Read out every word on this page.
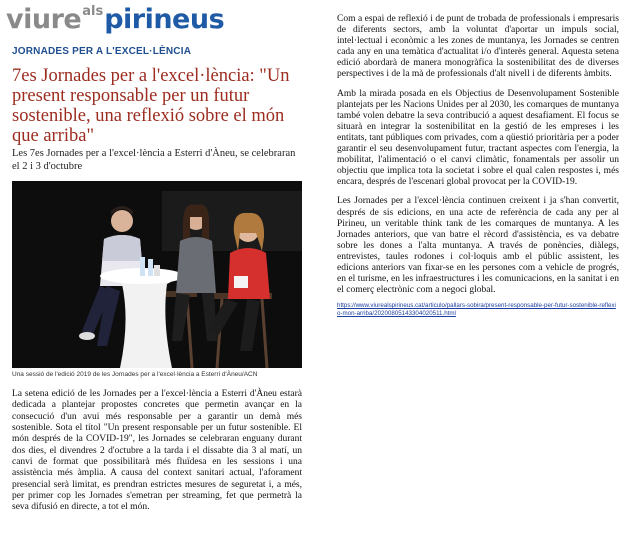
viure$^{als}$pirineus
JORNADES PER A L'EXCEL·LÈNCIA
7es Jornades per a l'excel·lència: "Un present responsable per un futur sostenible, una reflexió sobre el món que arriba"
Les 7es Jornades per a l'excel·lència a Esterri d'Àneu, se celebraran el 2 i 3 d'octubre
Una sessió de l'edició 2019 de les Jornades per a l'excel·lència a Esterri d'Àneu/ACN
La setena edició de les Jornades per a l'excel·lència a Esterri d'Àneu estarà dedicada a plantejar propostes concretes que permetin avançar en la consecució d'un avui més responsable per a garantir un demà més sostenible. Sota el títol "Un present responsable per un futur sostenible. El món després de la COVID-19", les Jornades se celebraran enguany durant dos dies, el divendres 2 d'octubre a la tarda i el dissabte dia 3 al matí, un canvi de format que possibilitarà més fluïdesa en les sessions i una assistència més àmplia. A causa del context sanitari actual, l'aforament presencial serà limitat, es prendran estrictes mesures de seguretat i, a més, per primer cop les Jornades s'emetran per streaming, fet que permetrà la seva difusió en directe, a tot el món.

Com a espai de reflexió i de punt de trobada de professionals i empresaris de diferents sectors, amb la voluntat d'aportar un impuls social, intel·lectual i econòmic a les zones de muntanya, les Jornades se centren cada any en una temàtica d'actualitat i/o d'interès general. Aquesta setena edició abordarà de manera monogràfica la sostenibilitat des de diverses perspectives i de la mà de professionals d'alt nivell i de diferents àmbits.

Amb la mirada posada en els Objectius de Desenvolupament Sostenible plantejats per les Nacions Unides per al 2030, les comarques de muntanya també volen debatre la seva contribució a aquest desafiament. El focus se situarà en integrar la sostenibilitat en la gestió de les empreses i les entitats, tant públiques com privades, com a qüestió prioritària per a poder garantir el seu desenvolupament futur, tractant aspectes com l'energia, la mobilitat, l'alimentació o el canvi climàtic, fonamentals per assolir un objectiu que implica tota la societat i sobre el qual calen respostes i, més encara, després de l'escenari global provocat per la COVID-19.

Les Jornades per a l'excel·lència continuen creixent i ja s'han convertit, després de sis edicions, en una acte de referència de cada any per al Pirineu, un veritable think tank de les comarques de muntanya. A les Jornades anteriors, que van batre el rècord d'assistència, es va debatre sobre les dones a l'alta muntanya. A través de ponències, diàlegs, entrevistes, taules rodones i col·loquis amb el públic assistent, les edicions anteriors van fixar-se en les persones com a vehicle de progrés, en el turisme, en les infraestructures i les comunicacions, en la sanitat i en el comerç electrònic com a negoci global.

https://www.viurealspirineus.cat/articulo/pallars-sobira/present-responsable-per-futur-sostenible-reflexio-mon-arriba/20200805143304020511.html
